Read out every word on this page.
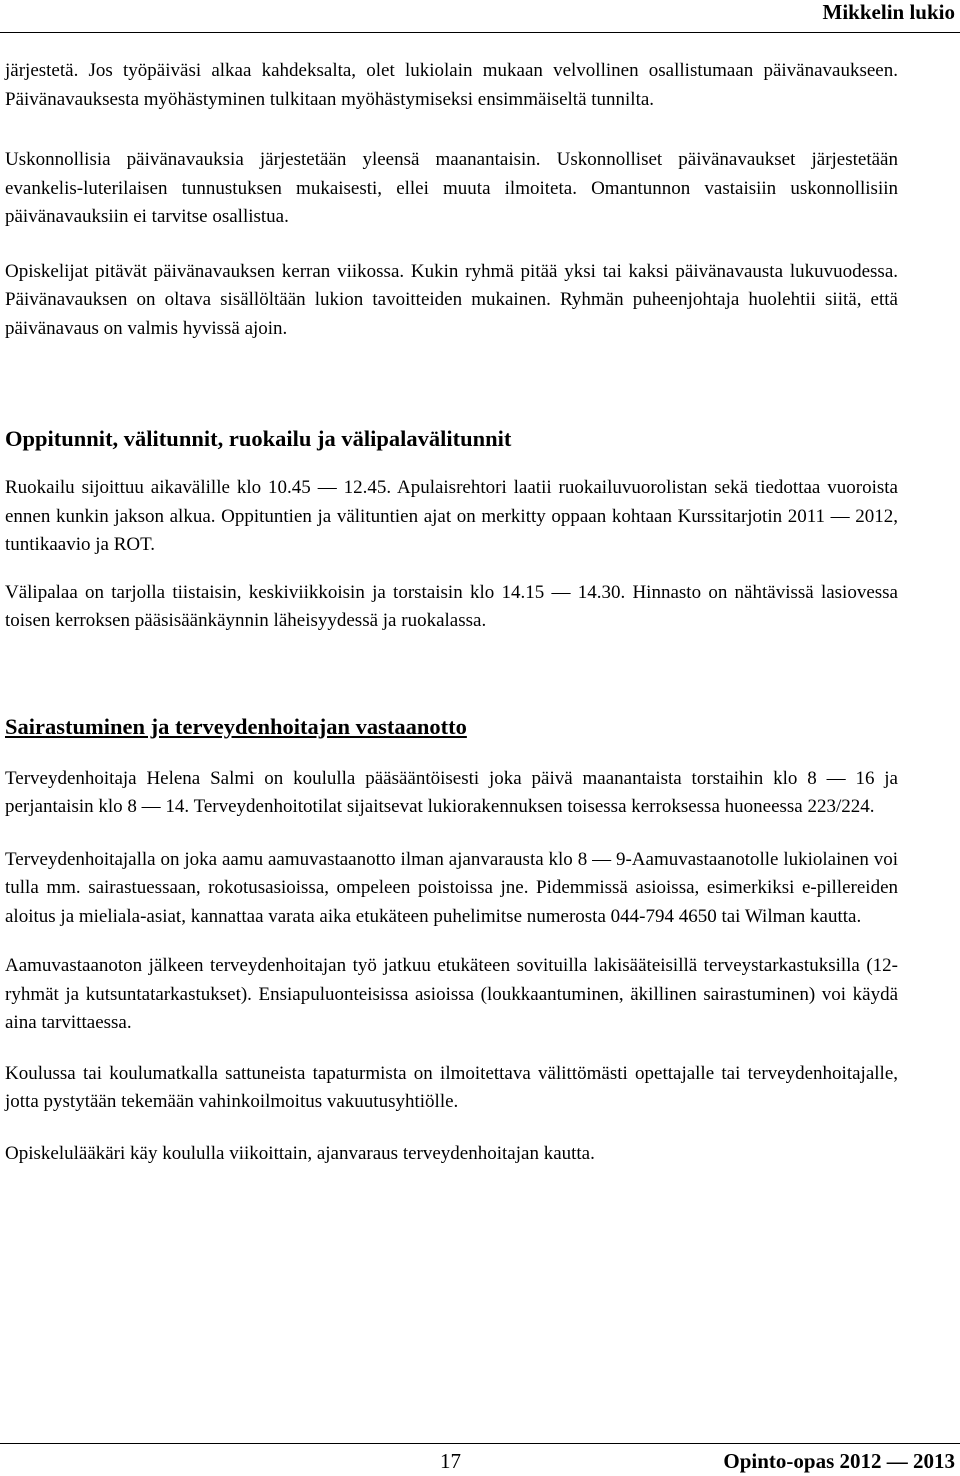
Mikkelin lukio

järjestetä. Jos työpäiväsi alkaa kahdeksalta, olet lukiolain mukaan velvollinen osallistumaan päivänavaukseen. Päivänavauksesta myöhästyminen tulkitaan myöhästymiseksi ensimmäiseltä tunnilta.

Uskonnollisia päivänavauksia järjestetään yleensä maanantaisin. Uskonnolliset päivänavaukset järjestetään evankelis-luterilaisen tunnustuksen mukaisesti, ellei muuta ilmoiteta. Omantunnon vastaisiin uskonnollisiin päivänavauksiin ei tarvitse osallistua.

Opiskelijat pitävät päivänavauksen kerran viikossa. Kukin ryhmä pitää yksi tai kaksi päivänavausta lukuvuodessa. Päivänavauksen on oltava sisällöltään lukion tavoitteiden mukainen. Ryhmän puheenjohtaja huolehtii siitä, että päivänavaus on valmis hyvissä ajoin.

Oppitunnit, välitunnit, ruokailu ja välipalavälitunnit

Ruokailu sijoittuu aikavälille klo 10.45 — 12.45. Apulaisrehtori laatii ruokailuvuorolistan sekä tiedottaa vuoroista ennen kunkin jakson alkua. Oppituntien ja välituntien ajat on merkitty oppaan kohtaan Kurssitarjotin 2011 — 2012, tuntikaavio ja ROT.

Välipalaa on tarjolla tiistaisin, keskiviikkoisin ja torstaisin klo 14.15 — 14.30. Hinnasto on nähtävissä lasiovessa toisen kerroksen pääsisäänkäynnin läheisyydessä ja ruokalassa.

Sairastuminen ja terveydenhoitajan vastaanotto

Terveydenhoitaja Helena Salmi on koululla pääsääntöisesti joka päivä maanantaista torstaihin klo 8 — 16 ja perjantaisin klo 8 — 14. Terveydenhoitotilat sijaitsevat lukiorakennuksen toisessa kerroksessa huoneessa 223/224.

Terveydenhoitajalla on joka aamu aamuvastaanotto ilman ajanvarausta klo 8 — 9-Aamuvastaanotolle lukiolainen voi tulla mm. sairastuessaan, rokotusasioissa, ompeleen poistoissa jne. Pidemmissä asioissa, esimerkiksi e-pillereiden aloitus ja mieliala-asiat, kannattaa varata aika etukäteen puhelimitse numerosta 044-794 4650 tai Wilman kautta.

Aamuvastaanoton jälkeen terveydenhoitajan työ jatkuu etukäteen sovituilla lakisääteisillä terveystarkastuksilla (12-ryhmät ja kutsuntatarkastukset). Ensiapuluonteisissa asioissa (loukkaantuminen, äkillinen sairastuminen) voi käydä aina tarvittaessa.

Koulussa tai koulumatkalla sattuneista tapaturmista on ilmoitettava välittömästi opettajalle tai terveydenhoitajalle, jotta pystytään tekemään vahinkoilmoitus vakuutusyhtiölle.

Opiskelulääkäri käy koululla viikoittain, ajanvaraus terveydenhoitajan kautta.

17	Opinto-opas 2012 — 2013
